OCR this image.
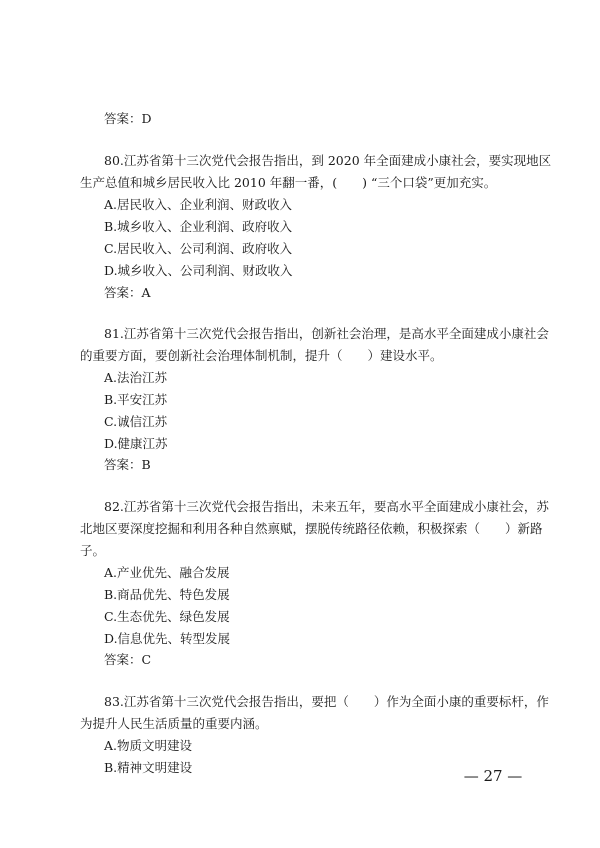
答案：D
80.江苏省第十三次党代会报告指出，到 2020 年全面建成小康社会，要实现地区
生产总值和城乡居民收入比 2010 年翻一番，(　　) “三个口袋”更加充实。
A.居民收入、企业利润、财政收入
B.城乡收入、企业利润、政府收入
C.居民收入、公司利润、政府收入
D.城乡收入、公司利润、财政收入
答案：A
81.江苏省第十三次党代会报告指出，创新社会治理，是高水平全面建成小康社会
的重要方面，要创新社会治理体制机制，提升（　　）建设水平。
A.法治江苏
B.平安江苏
C.诚信江苏
D.健康江苏
答案：B
82.江苏省第十三次党代会报告指出，未来五年，要高水平全面建成小康社会，苏
北地区要深度挖掘和利用各种自然禀赋，摆脱传统路径依赖，积极探索（　　）新路
子。
A.产业优先、融合发展
B.商品优先、特色发展
C.生态优先、绿色发展
D.信息优先、转型发展
答案：C
83.江苏省第十三次党代会报告指出，要把（　　）作为全面小康的重要标杆，作
为提升人民生活质量的重要内涵。
A.物质文明建设
B.精神文明建设	— 27 —
